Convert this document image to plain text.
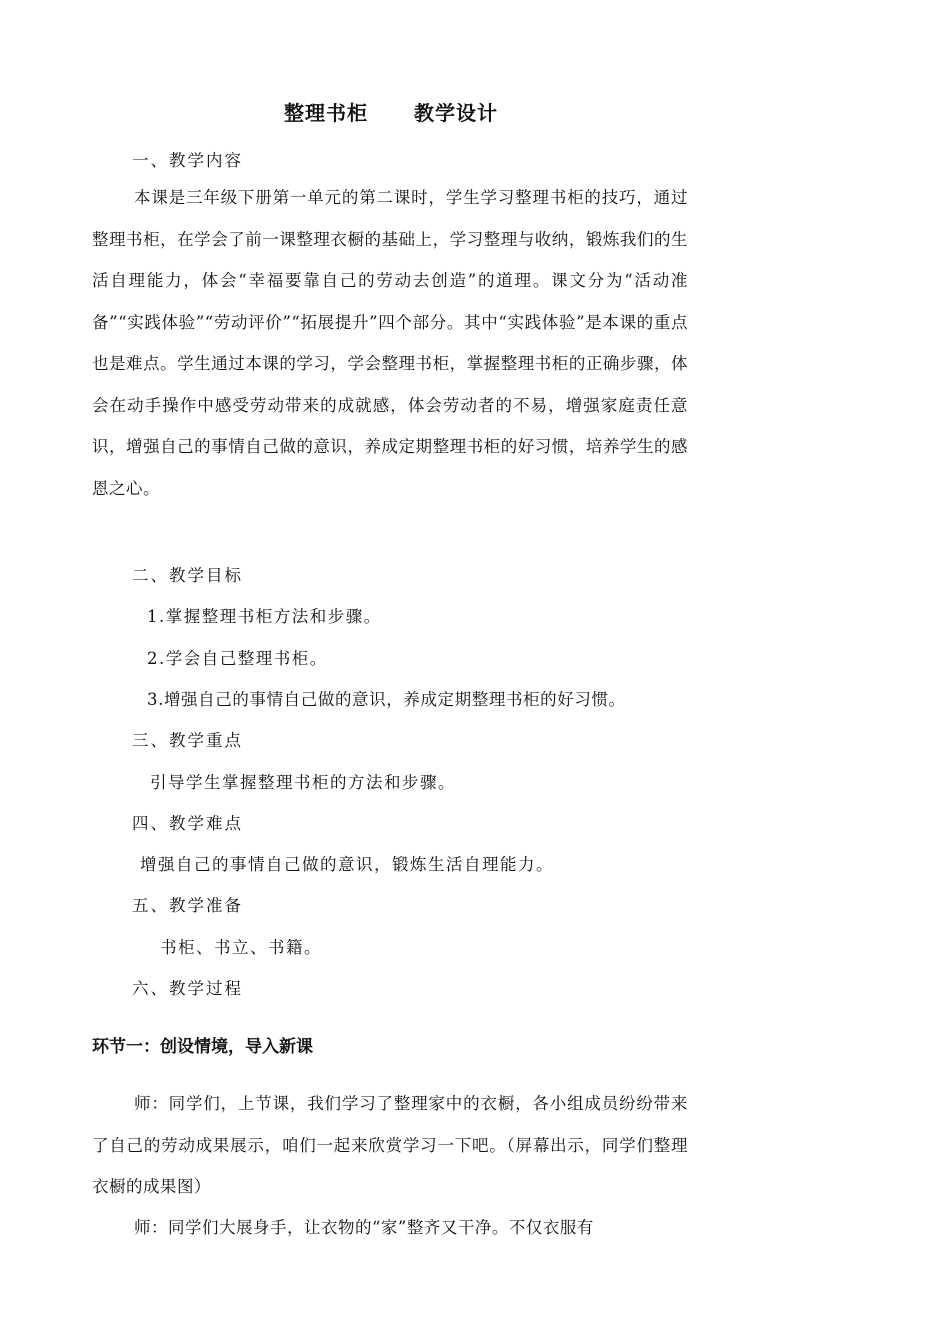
整理书柜 教学设计
一、教学内容
本课是三年级下册第一单元的第二课时，学生学习整理书柜的技巧，通过整理书柜，在学会了前一课整理衣橱的基础上，学习整理与收纳，锻炼我们的生活自理能力，体会“幸福要靠自己的劳动去创造”的道理。课文分为“活动准备”“实践体验”“劳动评价”“拓展提升”四个部分。其中“实践体验”是本课的重点也是难点。学生通过本课的学习，学会整理书柜，掌握整理书柜的正确步骤，体会在动手操作中感受劳动带来的成就感，体会劳动者的不易，增强家庭责任意识，增强自己的事情自己做的意识，养成定期整理书柜的好习惯，培养学生的感恩之心。
二、教学目标
1.掌握整理书柜方法和步骤。
2.学会自己整理书柜。
3.增强自己的事情自己做的意识，养成定期整理书柜的好习惯。
三、教学重点
引导学生掌握整理书柜的方法和步骤。
四、教学难点
增强自己的事情自己做的意识，锻炼生活自理能力。
五、教学准备
书柜、书立、书籍。
六、教学过程
环节一：创设情境，导入新课
师：同学们，上节课，我们学习了整理家中的衣橱，各小组成员纷纷带来了自己的劳动成果展示，咱们一起来欣赏学习一下吧。（屏幕出示，同学们整理衣橱的成果图）
师：同学们大展身手，让衣物的“家”整齐又干净。不仅衣服有
